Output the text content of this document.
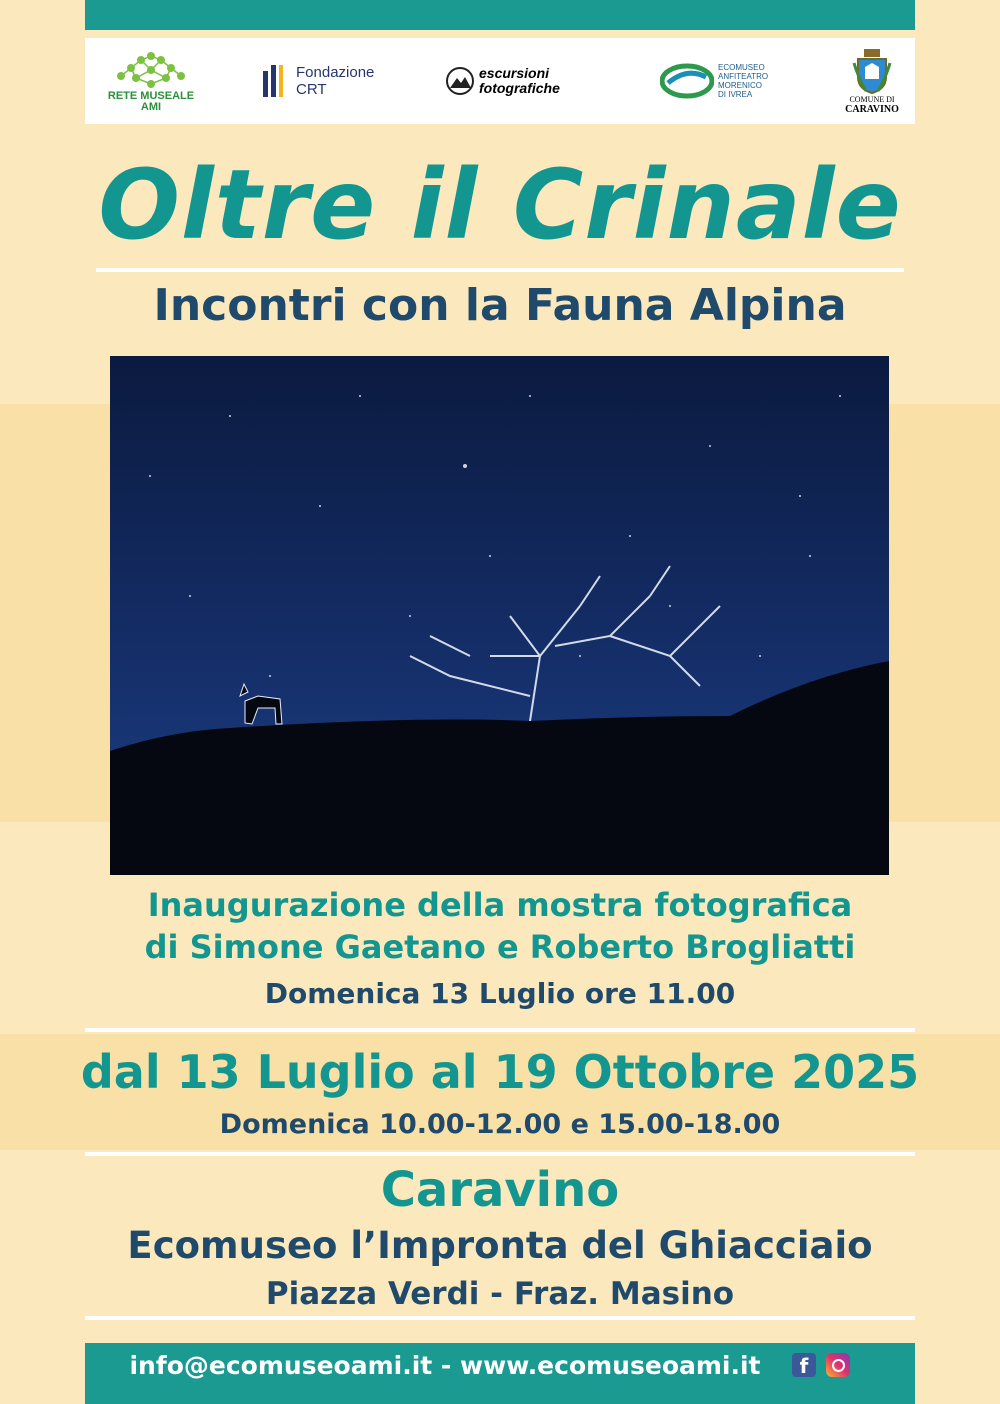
RETE MUSEALE
AMI
Fondazione
CRT
escursioni
fotografiche
ECOMUSEO
ANFITEATRO
MORENICO
DI IVREA
COMUNE DI
CARAVINO
Oltre il Crinale
Incontri con la Fauna Alpina
Inaugurazione della mostra fotografica
di Simone Gaetano e Roberto Brogliatti
Domenica 13 Luglio ore 11.00
dal 13 Luglio al 19 Ottobre 2025
Domenica 10.00-12.00 e 15.00-18.00
Caravino
Ecomuseo l’Impronta del Ghiacciaio
Piazza Verdi - Fraz. Masino
info@ecomuseoami.it - www.ecomuseoami.it	f
